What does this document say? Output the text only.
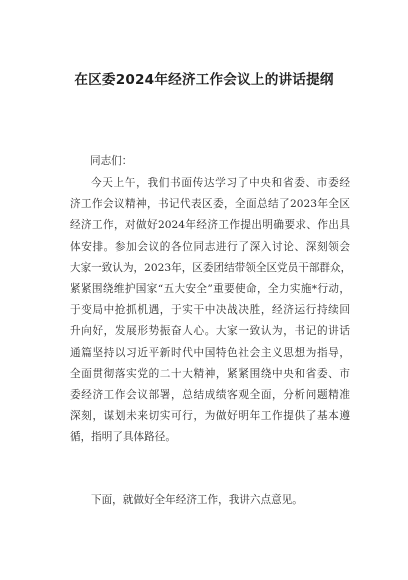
在区委2024年经济工作会议上的讲话提纲
同志们：
今天上午，我们书面传达学习了中央和省委、市委经
济工作会议精神，书记代表区委，全面总结了2023年全区
经济工作，对做好2024年经济工作提出明确要求、作出具
体安排。参加会议的各位同志进行了深入讨论、深刻领会
大家一致认为，2023年，区委团结带领全区党员干部群众，
紧紧围绕维护国家“五大安全”重要使命，全力实施*行动，
于变局中抢抓机遇，于实干中决战决胜，经济运行持续回
升向好，发展形势振奋人心。大家一致认为，书记的讲话
通篇坚持以习近平新时代中国特色社会主义思想为指导，
全面贯彻落实党的二十大精神，紧紧围绕中央和省委、市
委经济工作会议部署，总结成绩客观全面，分析问题精准
深刻，谋划未来切实可行，为做好明年工作提供了基本遵
循，指明了具体路径。
下面，就做好全年经济工作，我讲六点意见。
